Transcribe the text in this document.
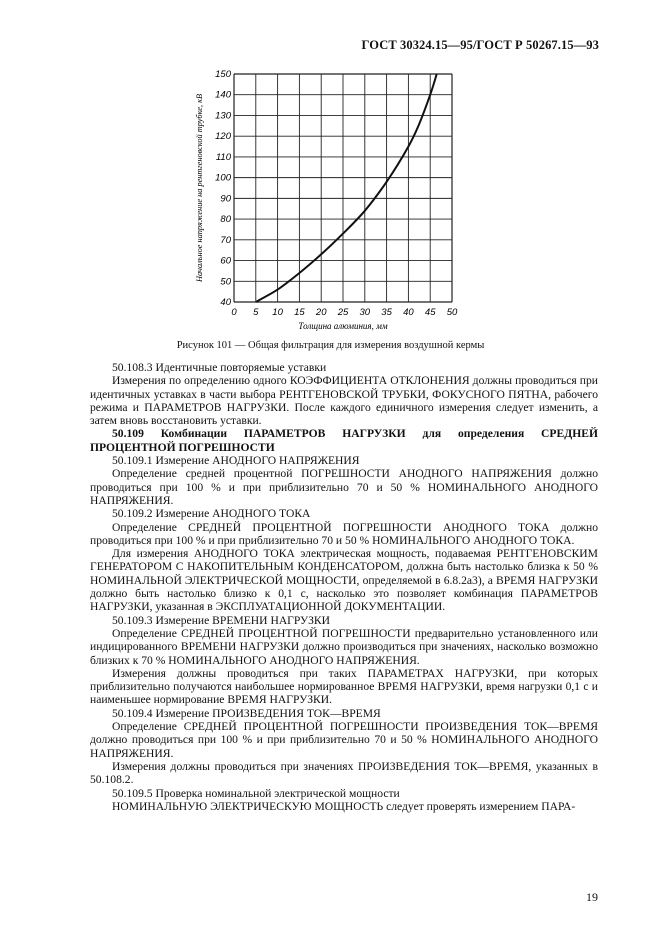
ГОСТ 30324.15—95/ГОСТ Р 50267.15—93
40
50
60
70
80
90
100
110
120
130
140
150
0 5 10 15 20 25 30 35 40 45 50
Начальное напряжение на рентгеновской трубке, кВ
Толщина алюминия, мм
Рисунок 101 — Общая фильтрация для измерения воздушной кермы

50.108.3 Идентичные повторяемые уставки

Измерения по определению одного КОЭФФИЦИЕНТА ОТКЛОНЕНИЯ должны проводиться при идентичных уставках в части выбора РЕНТГЕНОВСКОЙ ТРУБКИ, ФОКУСНОГО ПЯТНА, рабочего режима и ПАРАМЕТРОВ НАГРУЗКИ. После каждого единичного измерения следует изменить, а затем вновь восстановить уставки.

50.109 Комбинации ПАРАМЕТРОВ НАГРУЗКИ для определения СРЕДНЕЙ ПРОЦЕНТНОЙ ПОГРЕШНОСТИ

50.109.1 Измерение АНОДНОГО НАПРЯЖЕНИЯ

Определение средней процентной ПОГРЕШНОСТИ АНОДНОГО НАПРЯЖЕНИЯ должно проводиться при 100 % и при приблизительно 70 и 50 % НОМИНАЛЬНОГО АНОДНОГО НАПРЯЖЕНИЯ.

50.109.2 Измерение АНОДНОГО ТОКА

Определение СРЕДНЕЙ ПРОЦЕНТНОЙ ПОГРЕШНОСТИ АНОДНОГО ТОКА должно проводиться при 100 % и при приблизительно 70 и 50 % НОМИНАЛЬНОГО АНОДНОГО ТОКА.

Для измерения АНОДНОГО ТОКА электрическая мощность, подаваемая РЕНТГЕНОВСКИМ ГЕНЕРАТОРОМ С НАКОПИТЕЛЬНЫМ КОНДЕНСАТОРОМ, должна быть настолько близка к 50 % НОМИНАЛЬНОЙ ЭЛЕКТРИЧЕСКОЙ МОЩНОСТИ, определяемой в 6.8.2а3), а ВРЕМЯ НАГРУЗКИ должно быть настолько близко к 0,1 с, насколько это позволяет комбинация ПАРАМЕТРОВ НАГРУЗКИ, указанная в ЭКСПЛУАТАЦИОННОЙ ДОКУМЕНТАЦИИ.

50.109.3 Измерение ВРЕМЕНИ НАГРУЗКИ

Определение СРЕДНЕЙ ПРОЦЕНТНОЙ ПОГРЕШНОСТИ предварительно установленного или индицированного ВРЕМЕНИ НАГРУЗКИ должно производиться при значениях, насколько возможно близких к 70 % НОМИНАЛЬНОГО АНОДНОГО НАПРЯЖЕНИЯ.

Измерения должны проводиться при таких ПАРАМЕТРАХ НАГРУЗКИ, при которых приблизительно получаются наибольшее нормированное ВРЕМЯ НАГРУЗКИ, время нагрузки 0,1 с и наименьшее нормирование ВРЕМЯ НАГРУЗКИ.

50.109.4 Измерение ПРОИЗВЕДЕНИЯ ТОК—ВРЕМЯ

Определение СРЕДНЕЙ ПРОЦЕНТНОЙ ПОГРЕШНОСТИ ПРОИЗВЕДЕНИЯ ТОК—ВРЕМЯ должно проводиться при 100 % и при приблизительно 70 и 50 % НОМИНАЛЬНОГО АНОДНОГО НАПРЯЖЕНИЯ.

Измерения должны проводиться при значениях ПРОИЗВЕДЕНИЯ ТОК—ВРЕМЯ, указанных в 50.108.2.

50.109.5 Проверка номинальной электрической мощности

НОМИНАЛЬНУЮ ЭЛЕКТРИЧЕСКУЮ МОЩНОСТЬ следует проверять измерением ПАРА-

19
